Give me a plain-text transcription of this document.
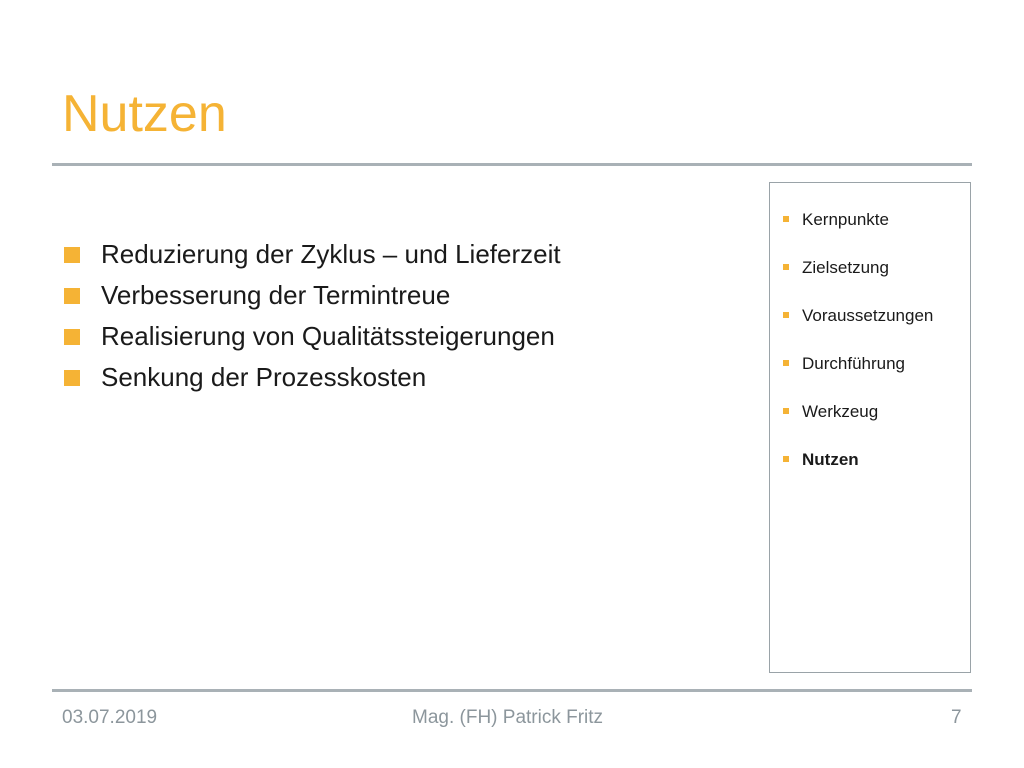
Nutzen
Reduzierung der Zyklus – und Lieferzeit
Verbesserung der Termintreue
Realisierung von Qualitätssteigerungen
Senkung der Prozesskosten
Kernpunkte
Zielsetzung
Voraussetzungen
Durchführung
Werkzeug
Nutzen
03.07.2019	Mag. (FH) Patrick Fritz	7
